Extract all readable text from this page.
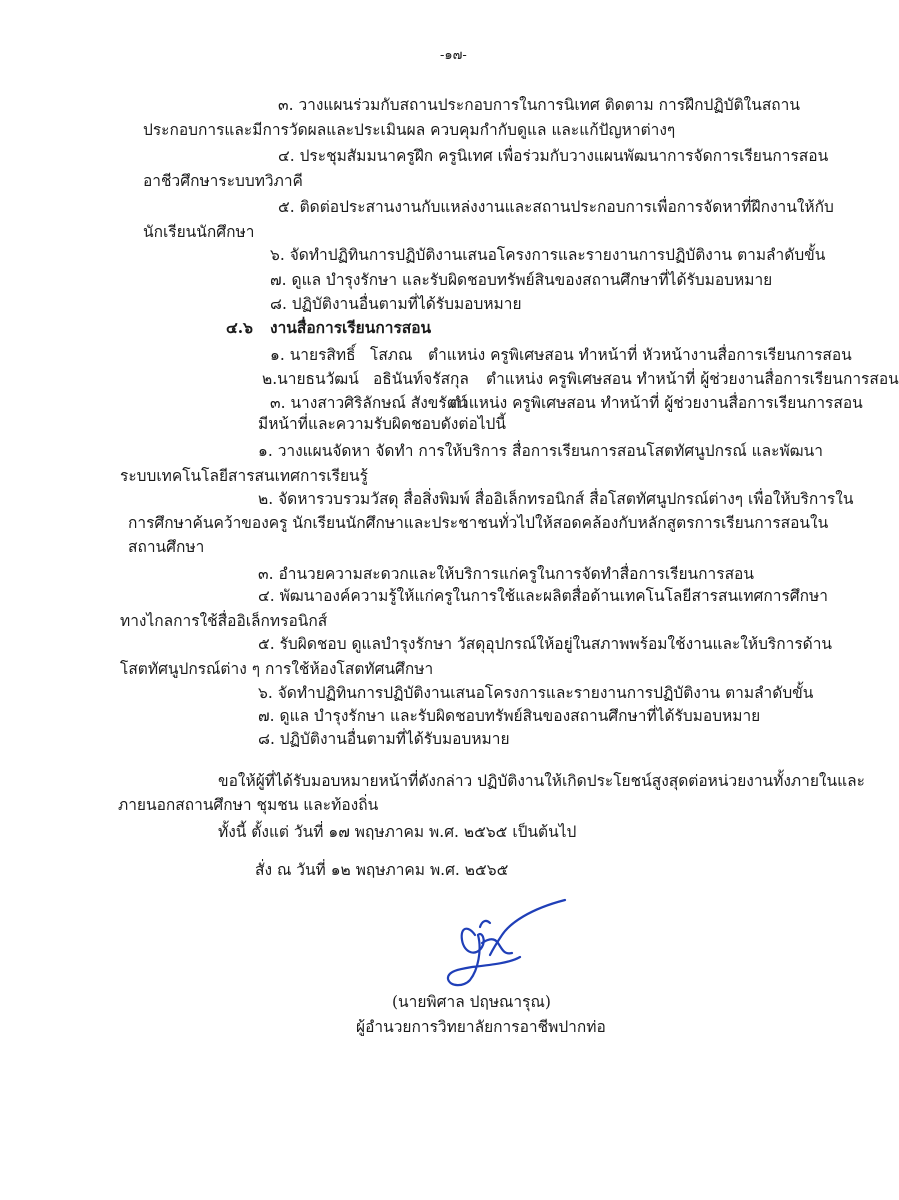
-๑๗-
๓. วางแผนร่วมกับสถานประกอบการในการนิเทศ ติดตาม การฝึกปฏิบัติในสถาน
ประกอบการและมีการวัดผลและประเมินผล ควบคุมกำกับดูแล และแก้ปัญหาต่างๆ
๔. ประชุมสัมมนาครูฝึก ครูนิเทศ เพื่อร่วมกับวางแผนพัฒนาการจัดการเรียนการสอน
อาชีวศึกษาระบบทวิภาคี
๕. ติดต่อประสานงานกับแหล่งงานและสถานประกอบการเพื่อการจัดหาที่ฝึกงานให้กับ
นักเรียนนักศึกษา
๖. จัดทำปฏิทินการปฏิบัติงานเสนอโครงการและรายงานการปฏิบัติงาน ตามลำดับขั้น
๗. ดูแล บำรุงรักษา และรับผิดชอบทรัพย์สินของสถานศึกษาที่ได้รับมอบหมาย
๘. ปฏิบัติงานอื่นตามที่ได้รับมอบหมาย
๔.๖ งานสื่อการเรียนการสอน
๑. นายรสิทธิ์ โสภณ ตำแหน่ง ครูพิเศษสอน ทำหน้าที่ หัวหน้างานสื่อการเรียนการสอน
๒.นายธนวัฒน์ อธินันท์จรัสกุล ตำแหน่ง ครูพิเศษสอน ทำหน้าที่ ผู้ช่วยงานสื่อการเรียนการสอน
๓. นางสาวศิริลักษณ์ สังขรัตน์
ตำแหน่ง ครูพิเศษสอน ทำหน้าที่ ผู้ช่วยงานสื่อการเรียนการสอน
มีหน้าที่และความรับผิดชอบดังต่อไปนี้
๑. วางแผนจัดหา จัดทำ การให้บริการ สื่อการเรียนการสอนโสตทัศนูปกรณ์ และพัฒนา
ระบบเทคโนโลยีสารสนเทศการเรียนรู้
๒. จัดหารวบรวมวัสดุ สื่อสิ่งพิมพ์ สื่ออิเล็กทรอนิกส์ สื่อโสตทัศนูปกรณ์ต่างๆ เพื่อให้บริการใน
การศึกษาค้นคว้าของครู นักเรียนนักศึกษาและประชาชนทั่วไปให้สอดคล้องกับหลักสูตรการเรียนการสอนใน
สถานศึกษา
๓. อำนวยความสะดวกและให้บริการแก่ครูในการจัดทำสื่อการเรียนการสอน
๔. พัฒนาองค์ความรู้ให้แก่ครูในการใช้และผลิตสื่อด้านเทคโนโลยีสารสนเทศการศึกษา
ทางไกลการใช้สื่ออิเล็กทรอนิกส์
๕. รับผิดชอบ ดูแลบำรุงรักษา วัสดุอุปกรณ์ให้อยู่ในสภาพพร้อมใช้งานและให้บริการด้าน
โสตทัศนูปกรณ์ต่าง ๆ การใช้ห้องโสตทัศนศึกษา
๖. จัดทำปฏิทินการปฏิบัติงานเสนอโครงการและรายงานการปฏิบัติงาน ตามลำดับขั้น
๗. ดูแล บำรุงรักษา และรับผิดชอบทรัพย์สินของสถานศึกษาที่ได้รับมอบหมาย
๘. ปฏิบัติงานอื่นตามที่ได้รับมอบหมาย
ขอให้ผู้ที่ได้รับมอบหมายหน้าที่ดังกล่าว ปฏิบัติงานให้เกิดประโยชน์สูงสุดต่อหน่วยงานทั้งภายในและ
ภายนอกสถานศึกษา ชุมชน และท้องถิ่น
ทั้งนี้ ตั้งแต่ วันที่ ๑๗ พฤษภาคม พ.ศ. ๒๕๖๕ เป็นต้นไป
สั่ง ณ วันที่ ๑๒ พฤษภาคม พ.ศ. ๒๕๖๕
(นายพิศาล ปฤษณารุณ)
ผู้อำนวยการวิทยาลัยการอาชีพปากท่อ
